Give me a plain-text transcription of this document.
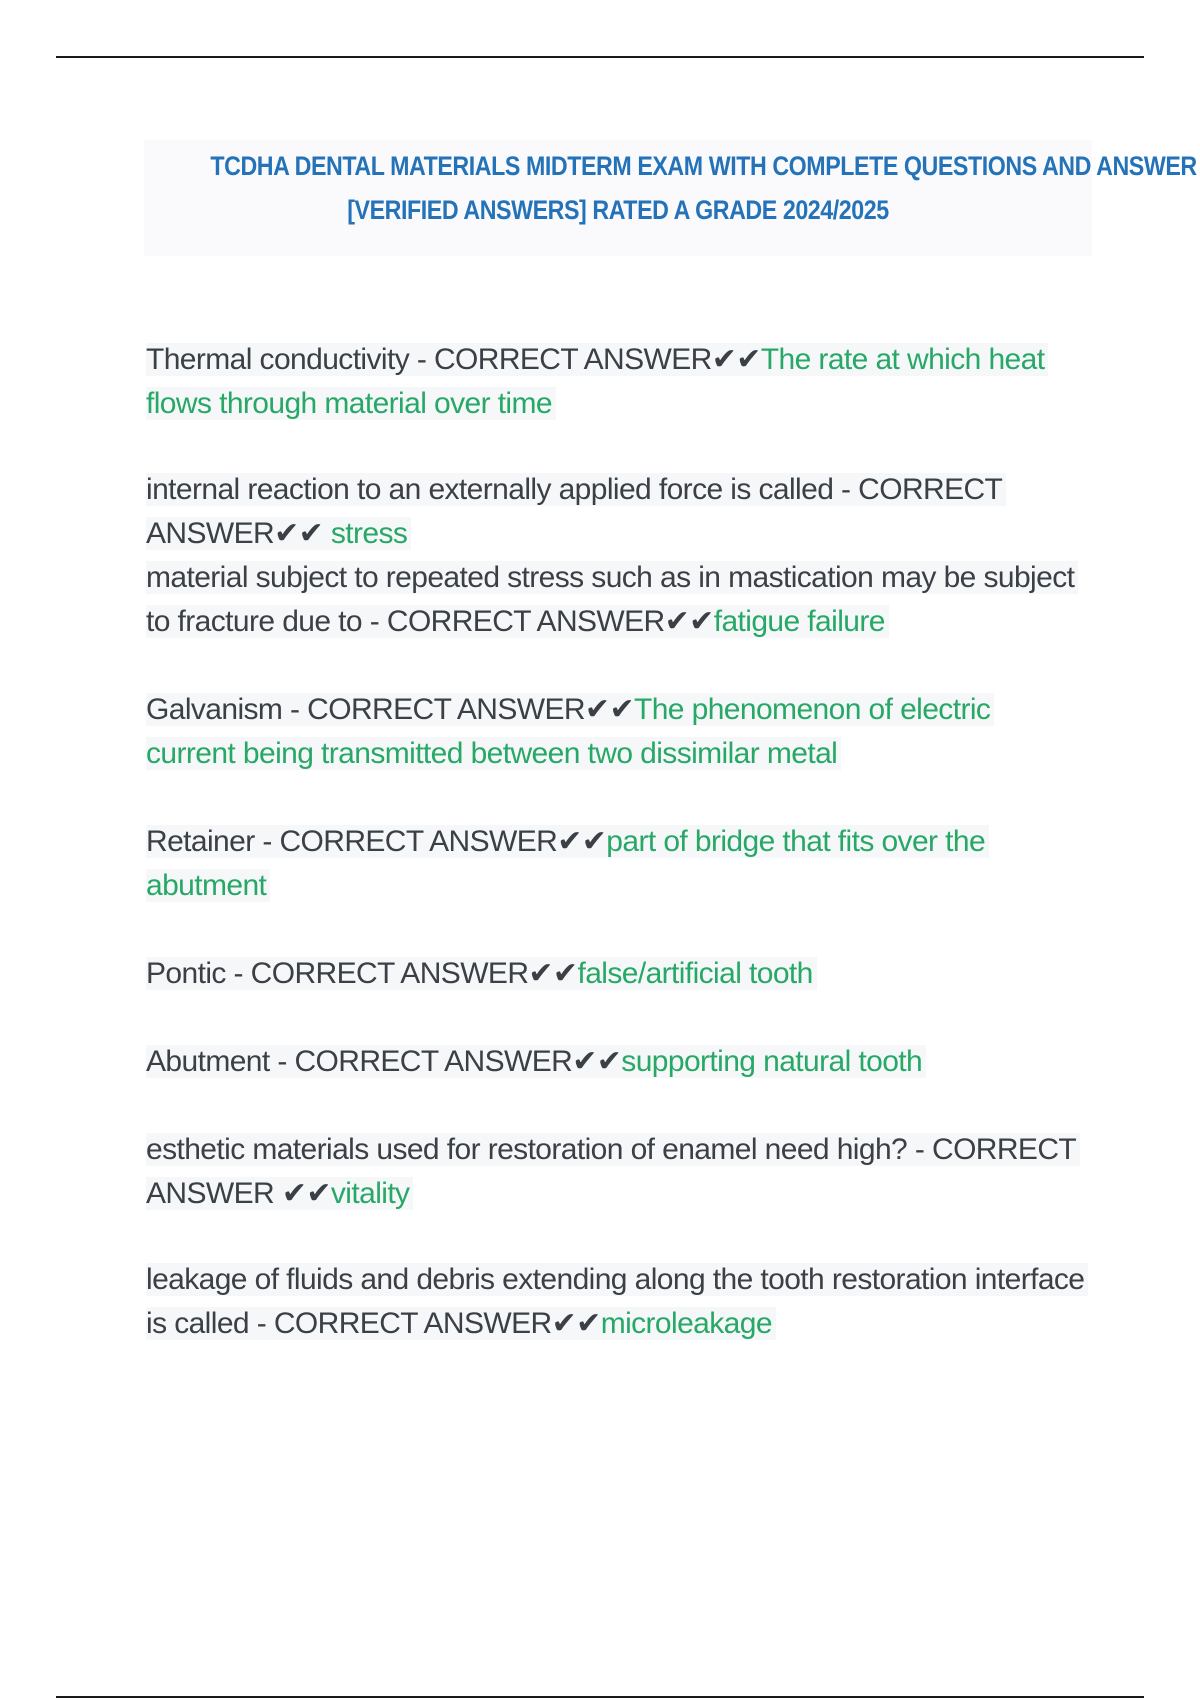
TCDHA DENTAL MATERIALS MIDTERM EXAM WITH COMPLETE QUESTIONS AND ANSWER
[VERIFIED ANSWERS] RATED A GRADE 2024/2025

Thermal conductivity - CORRECT ANSWER✔✔The rate at which heat flows through material over time

internal reaction to an externally applied force is called - CORRECT ANSWER✔✔ stress

material subject to repeated stress such as in mastication may be subject to fracture due to - CORRECT ANSWER✔✔fatigue failure

Galvanism - CORRECT ANSWER✔✔The phenomenon of electric current being transmitted between two dissimilar metal

Retainer - CORRECT ANSWER✔✔part of bridge that fits over the abutment

Pontic - CORRECT ANSWER✔✔false/artificial tooth

Abutment - CORRECT ANSWER✔✔supporting natural tooth

esthetic materials used for restoration of enamel need high? - CORRECT ANSWER ✔✔vitality

leakage of fluids and debris extending along the tooth restoration interface is called - CORRECT ANSWER✔✔microleakage
